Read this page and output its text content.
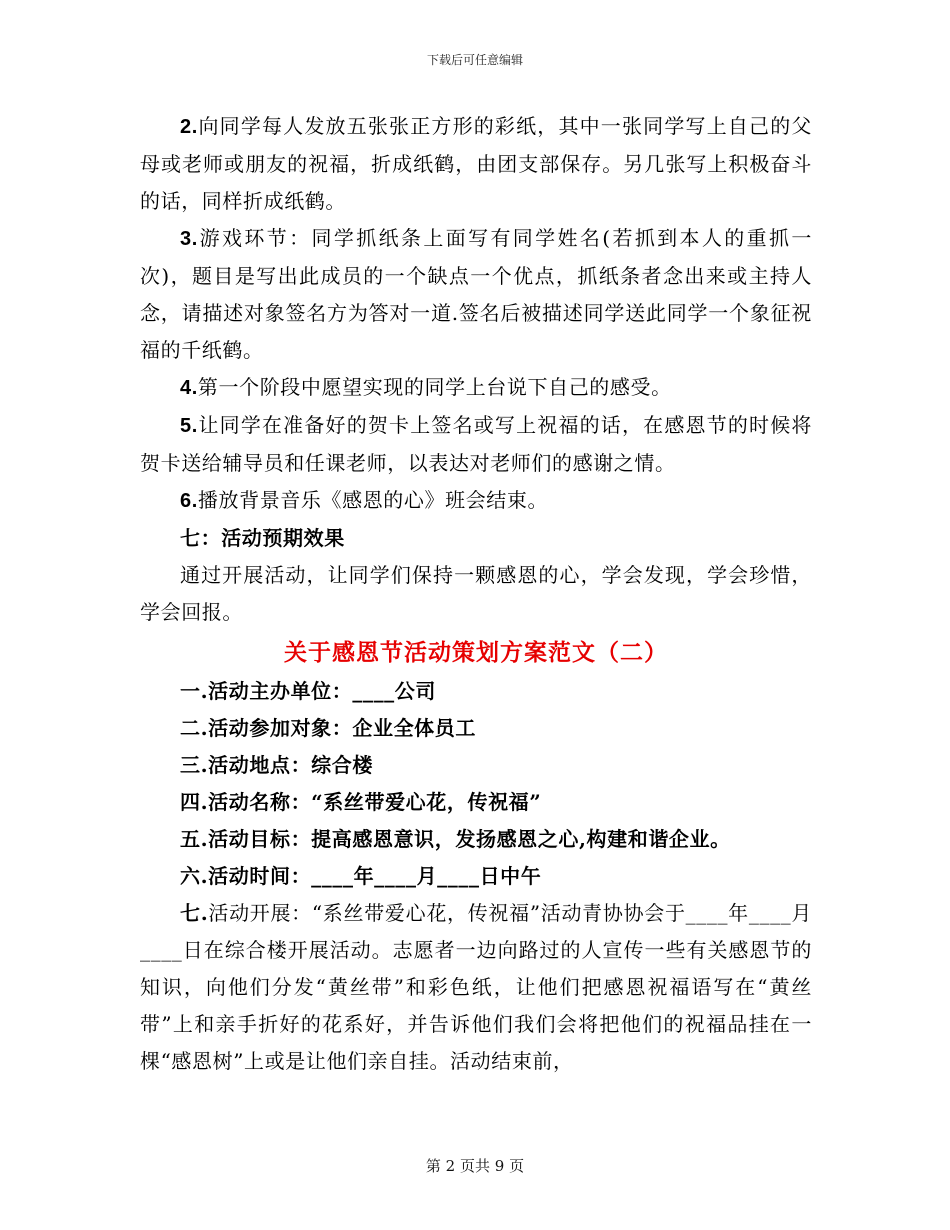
下载后可任意编辑

2.向同学每人发放五张张正方形的彩纸，其中一张同学写上自己的父母或老师或朋友的祝福，折成纸鹤，由团支部保存。另几张写上积极奋斗的话，同样折成纸鹤。

3.游戏环节：同学抓纸条上面写有同学姓名(若抓到本人的重抓一次)，题目是写出此成员的一个缺点一个优点，抓纸条者念出来或主持人念，请描述对象签名方为答对一道.签名后被描述同学送此同学一个象征祝福的千纸鹤。

4.第一个阶段中愿望实现的同学上台说下自己的感受。

5.让同学在准备好的贺卡上签名或写上祝福的话，在感恩节的时候将贺卡送给辅导员和任课老师，以表达对老师们的感谢之情。

6.播放背景音乐《感恩的心》班会结束。

七：活动预期效果

通过开展活动，让同学们保持一颗感恩的心，学会发现，学会珍惜，学会回报。

关于感恩节活动策划方案范文（二）

一.活动主办单位：____公司

二.活动参加对象：企业全体员工

三.活动地点：综合楼

四.活动名称：“系丝带爱心花，传祝福”

五.活动目标：提高感恩意识，发扬感恩之心,构建和谐企业。

六.活动时间：____年____月____日中午

七.活动开展：“系丝带爱心花，传祝福”活动青协协会于____年____月____日在综合楼开展活动。志愿者一边向路过的人宣传一些有关感恩节的知识，向他们分发“黄丝带”和彩色纸，让他们把感恩祝福语写在“黄丝带”上和亲手折好的花系好，并告诉他们我们会将把他们的祝福品挂在一棵“感恩树”上或是让他们亲自挂。活动结束前，

第 2 页共 9 页
